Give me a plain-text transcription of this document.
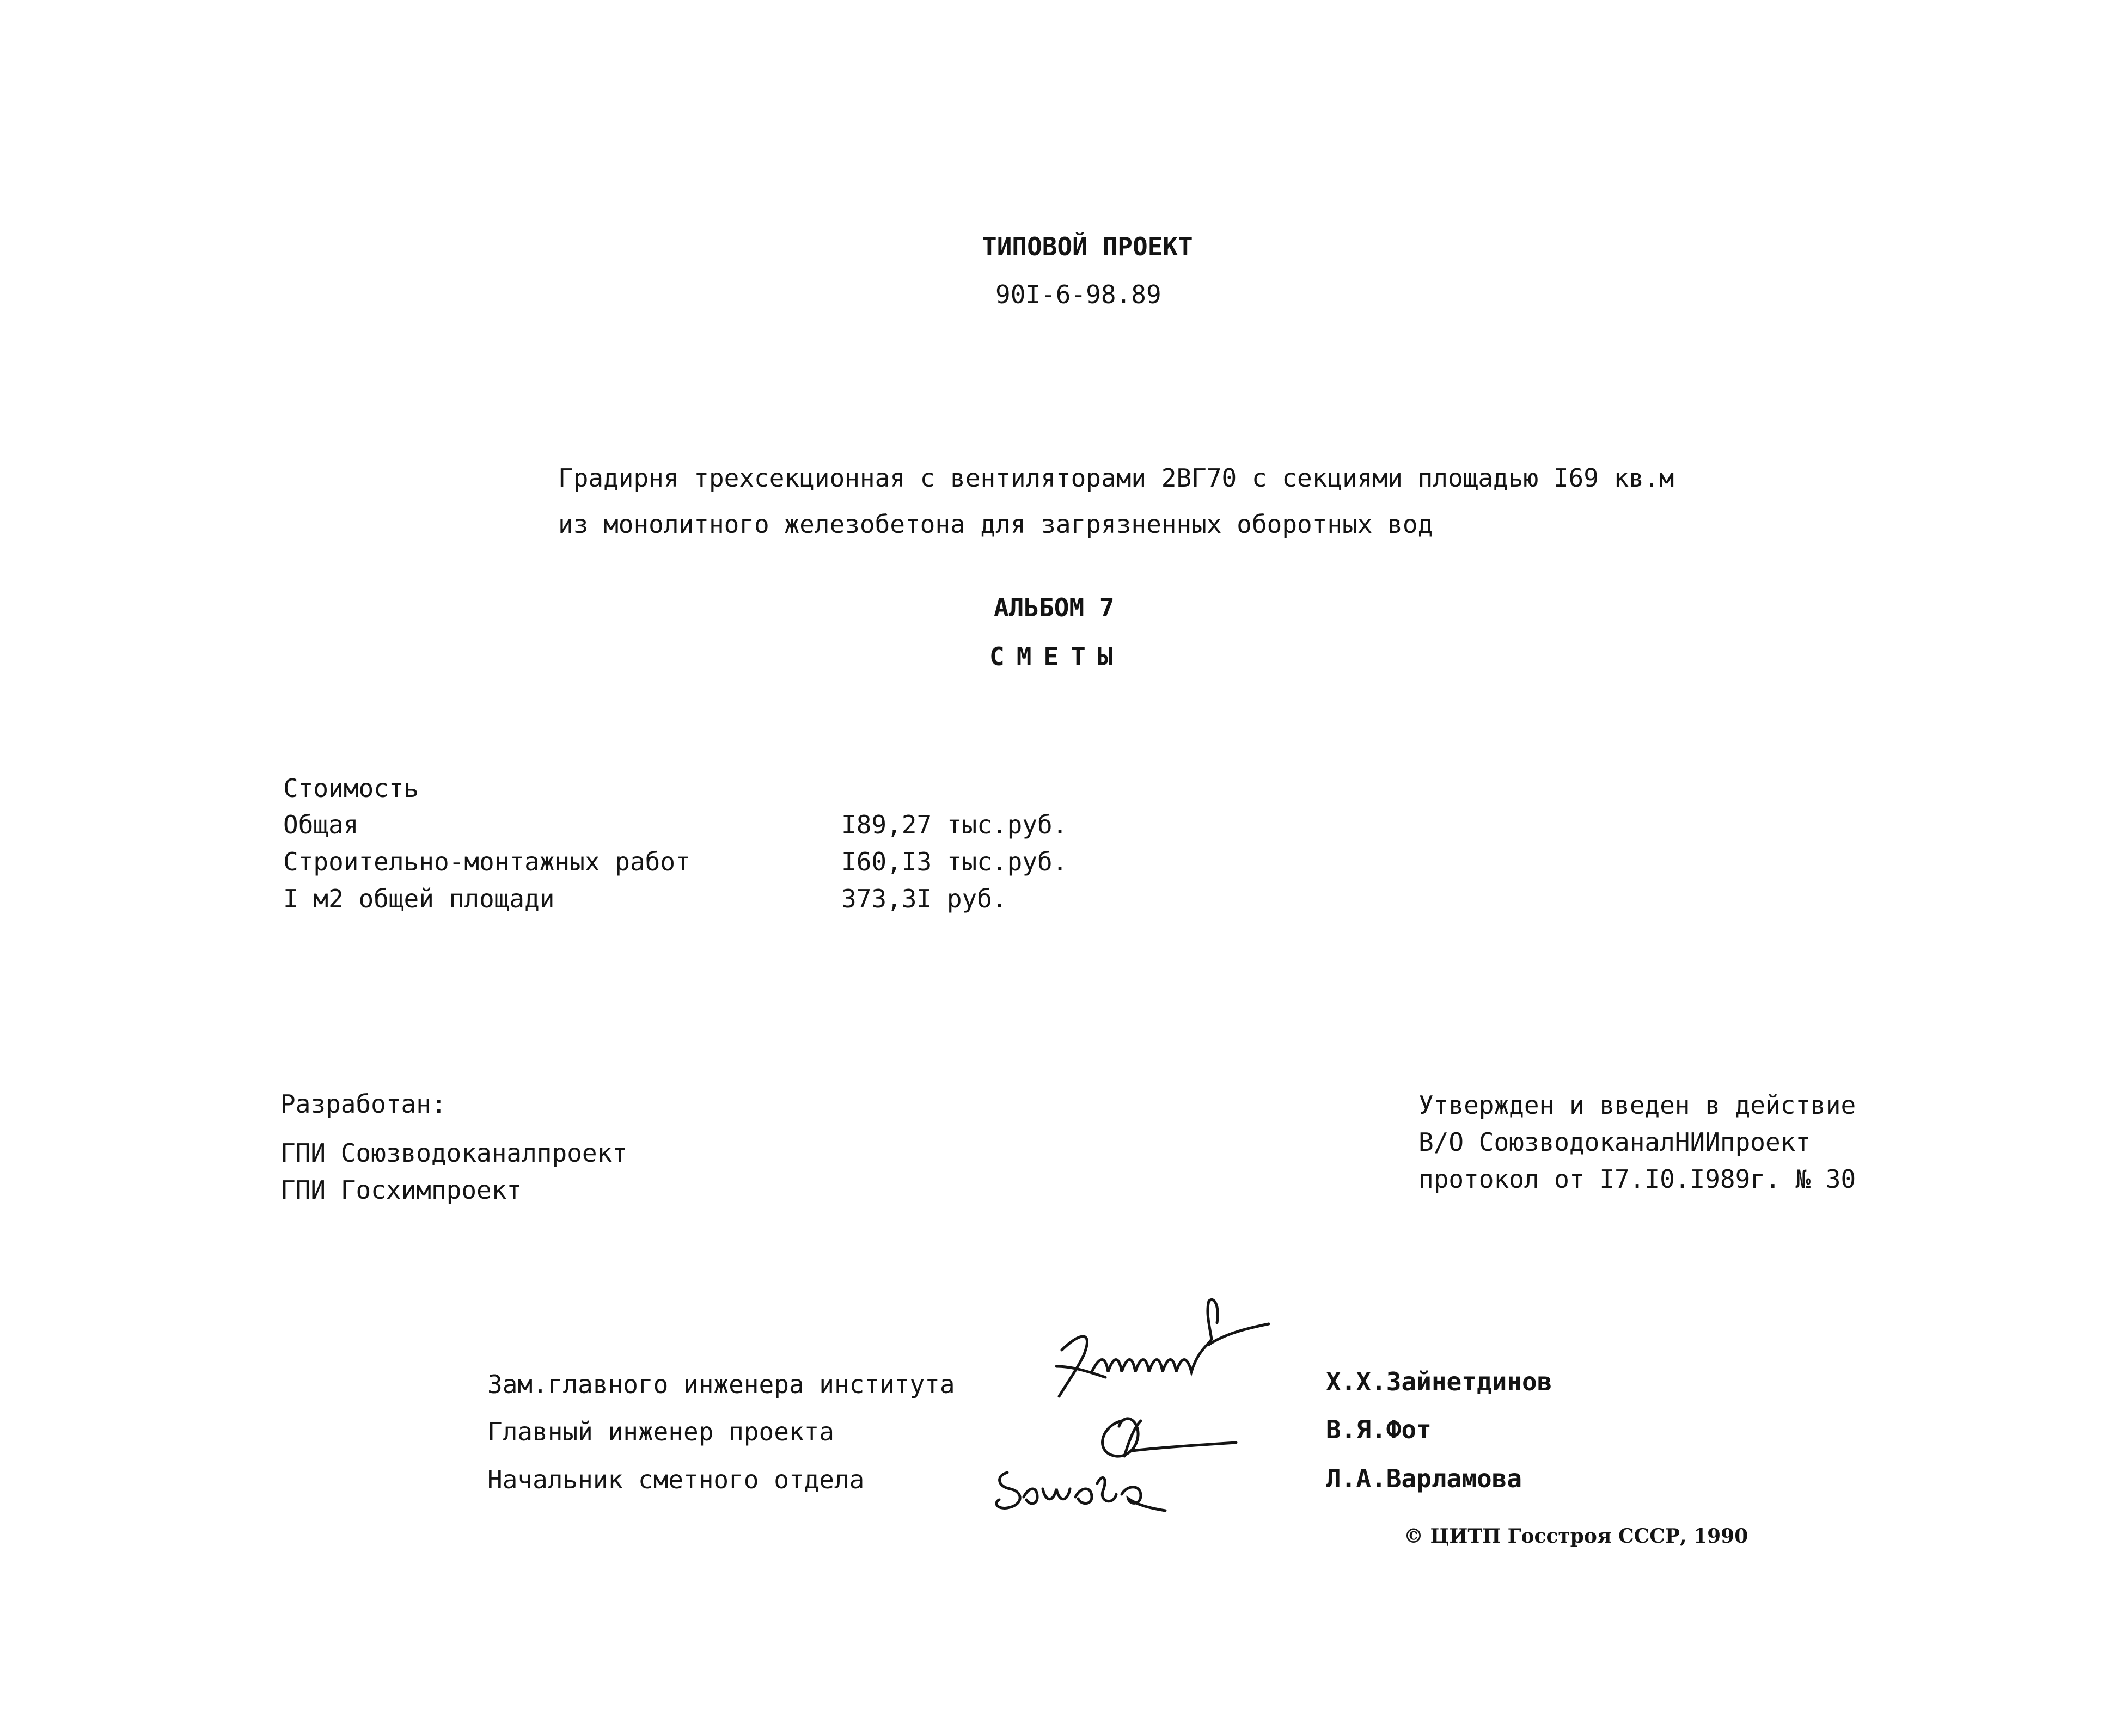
ТИПОВОЙ ПРОЕКТ
90I-6-98.89
Градирня трехсекционная с вентиляторами 2ВГ70 с секциями площадью I69 кв.м
из монолитного железобетона для загрязненных оборотных вод
АЛЬБОМ 7
СМЕТЫ
Стоимость
Общая	I89,27 тыс.руб.
Строительно-монтажных работ	I60,I3 тыс.руб.
I м2 общей площади	373,3I руб.
Разработан:
ГПИ Союзводоканалпроект
ГПИ Госхимпроект
Утвержден и введен в действие
В/О СоюзводоканалНИИпроект
протокол от I7.I0.I989г. № 30
Зам.главного инженера института	Х.Х.Зайнетдинов
Главный инженер проекта	В.Я.Фот
Начальник сметного отдела	Л.А.Варламова
© ЦИТП Госстроя СССР, 1990
